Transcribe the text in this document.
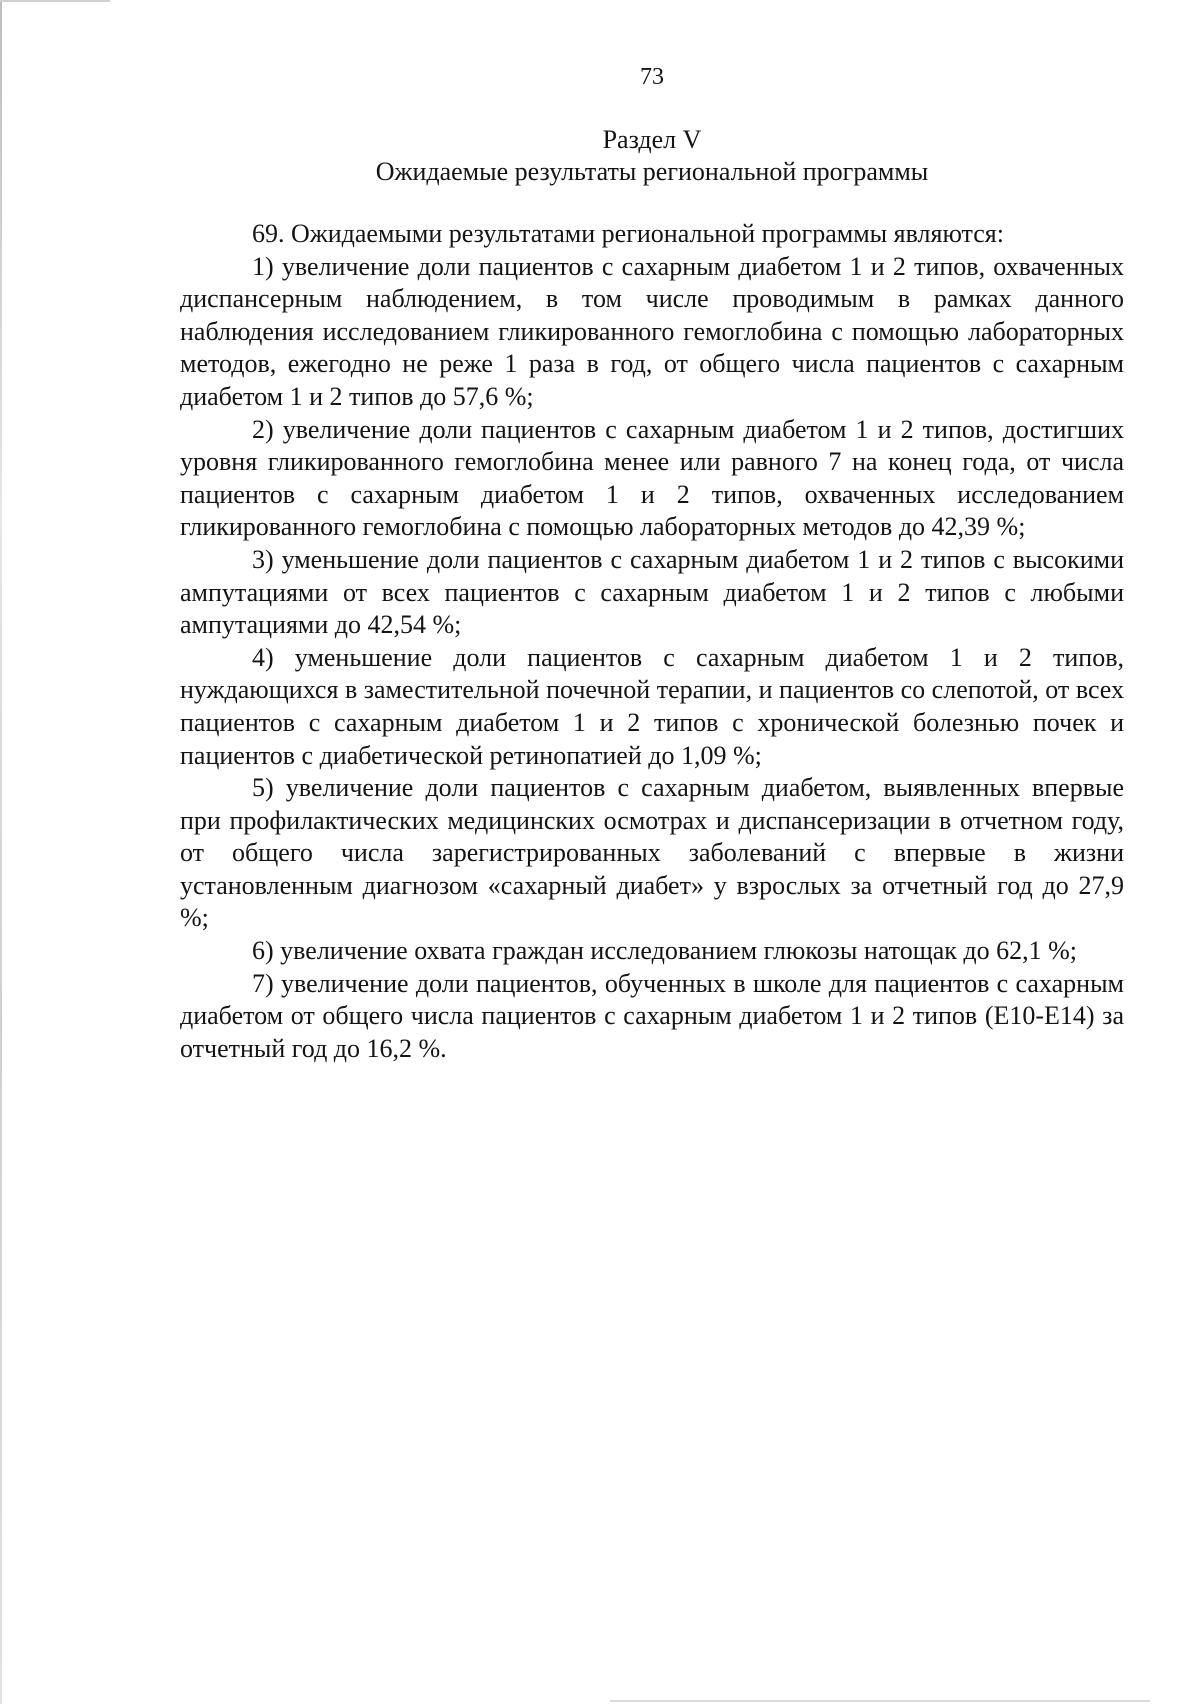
73
Раздел V
Ожидаемые результаты региональной программы

69. Ожидаемыми результатами региональной программы являются:

1) увеличение доли пациентов с сахарным диабетом 1 и 2 типов, охваченных диспансерным наблюдением, в том числе проводимым в рамках данного наблюдения исследованием гликированного гемоглобина с помощью лабораторных методов, ежегодно не реже 1 раза в год, от общего числа пациентов с сахарным диабетом 1 и 2 типов до 57,6 %;

2) увеличение доли пациентов с сахарным диабетом 1 и 2 типов, достигших уровня гликированного гемоглобина менее или равного 7 на конец года, от числа пациентов с сахарным диабетом 1 и 2 типов, охваченных исследованием гликированного гемоглобина с помощью лабораторных методов до 42,39 %;

3) уменьшение доли пациентов с сахарным диабетом 1 и 2 типов с высокими ампутациями от всех пациентов с сахарным диабетом 1 и 2 типов с любыми ампутациями до 42,54 %;

4) уменьшение доли пациентов с сахарным диабетом 1 и 2 типов, нуждающихся в заместительной почечной терапии, и пациентов со слепотой, от всех пациентов с сахарным диабетом 1 и 2 типов с хронической болезнью почек и пациентов с диабетической ретинопатией до 1,09 %;

5) увеличение доли пациентов с сахарным диабетом, выявленных впервые при профилактических медицинских осмотрах и диспансеризации в отчетном году, от общего числа зарегистрированных заболеваний с впервые в жизни установленным диагнозом «сахарный диабет» у взрослых за отчетный год до 27,9 %;

6) увеличение охвата граждан исследованием глюкозы натощак до 62,1 %;

7) увеличение доли пациентов, обученных в школе для пациентов с сахарным диабетом от общего числа пациентов с сахарным диабетом 1 и 2 типов (Е10-Е14) за отчетный год до 16,2 %.
